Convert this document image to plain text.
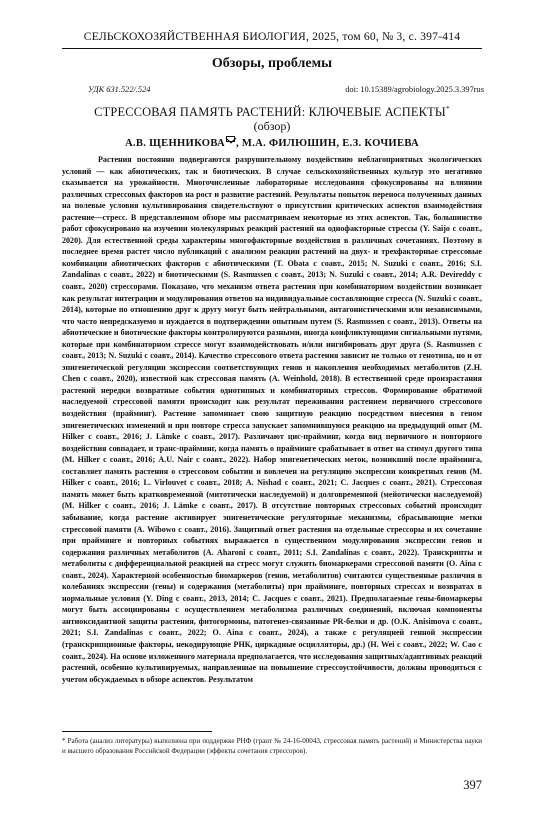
СЕЛЬСКОХОЗЯЙСТВЕННАЯ БИОЛОГИЯ, 2025, том 60, № 3, с. 397-414
Обзоры, проблемы
УДК 631.522/.524	doi: 10.15389/agrobiology.2025.3.397rus
СТРЕССОВАЯ ПАМЯТЬ РАСТЕНИЙ: КЛЮЧЕВЫЕ АСПЕКТЫ*
(обзор)
А.В. ЩЕННИКОВА , М.А. ФИЛЮШИН, Е.З. КОЧИЕВА

Растения постоянно подвергаются разрушительному воздействию неблагоприятных экологических условий — как абиотических, так и биотических. В случае сельскохозяйственных культур это негативно сказывается на урожайности. Многочисленные лабораторные исследования сфокусированы на влиянии различных стрессовых факторов на рост и развитие растений. Результаты попыток переноса полученных данных на полевые условия культивирования свидетельствуют о присутствии критических аспектов взаимодействия растение—стресс. В представленном обзоре мы рассматриваем некоторые из этих аспектов. Так, большинство работ сфокусировано на изучении молекулярных реакций растений на однофакторные стрессы (Y. Saijo с соавт., 2020). Для естественной среды характерны многофакторные воздействия в различных сочетаниях. Поэтому в последнее время растет число публикаций с анализом реакции растений на двух- и трехфакторные стрессовые комбинации абиотических факторов с абиотическими (T. Obata с соавт., 2015; N. Suzuki с соавт., 2016; S.I. Zandalinas с соавт., 2022) и биотическими (S. Rasmussen с соавт., 2013; N. Suzuki с соавт., 2014; A.R. Devireddy с соавт., 2020) стрессорами. Показано, что механизм ответа растения при комбинаторном воздействии возникает как результат интеграции и модулирования ответов на индивидуальные составляющие стресса (N. Suzuki с соавт., 2014), которые по отношению друг к другу могут быть нейтральными, антагонистическими или независимыми, что часто непредсказуемо и нуждается в подтверждении опытным путем (S. Rasmussen с соавт., 2013). Ответы на абиотические и биотические факторы контролируются разными, иногда конфликтующими сигнальными путями, которые при комбинаторном стрессе могут взаимодействовать и/или ингибировать друг друга (S. Rasmussen с соавт., 2013; N. Suzuki с соавт., 2014). Качество стрессового ответа растения зависит не только от генотипа, но и от эпигенетической регуляции экспрессии соответствующих генов и накопления необходимых метаболитов (Z.H. Chen с соавт., 2020), известной как стрессовая память (A. Weinhold, 2018). В естественной среде произрастания растений нередки возвратные события однотипных и комбинаторных стрессов. Формирование обратимой наследуемой стрессовой памяти происходит как результат переживания растением первичного стрессового воздействия (прайминг). Растение запоминает свою защитную реакцию посредством внесения в геном эпигенетических изменений и при повторе стресса запускает запомнившуюся реакцию на предыдущий опыт (M. Hilker с соавт., 2016; J. Lämke с соавт., 2017). Различают цис-прайминг, когда вид первичного и повторного воздействия совпадает, и транс-прайминг, когда память о прайминге срабатывает в ответ на стимул другого типа (M. Hilker с соавт., 2016; A.U. Nair с соавт., 2022). Набор эпигенетических меток, возникший после прайминга, составляет память растения о стрессовом событии и вовлечен на регуляцию экспрессии конкретных генов (M. Hilker с соавт., 2016; L. Virlouvet с соавт., 2018; A. Nishad с соавт., 2021; C. Jacques с соавт., 2021). Стрессовая память может быть кратковременной (митотически наследуемой) и долговременной (мейотически наследуемой) (M. Hilker с соавт., 2016; J. Lämke с соавт., 2017). В отсутствие повторных стрессовых событий происходит забывание, когда растение активирует эпигенетические регуляторные механизмы, сбрасывающие метки стрессовой памяти (A. Wibowo с соавт., 2016). Защитный ответ растения на отдельные стрессоры и их сочетание при прайминге и повторных событиях выражается в существенном модулировании экспрессии генов и содержания различных метаболитов (A. Aharoni с соавт., 2011; S.I. Zandalinas с соавт., 2022). Транскрипты и метаболиты с дифференциальной реакцией на стресс могут служить биомаркерами стрессовой памяти (O. Aina с соавт., 2024). Характерной особенностью биомаркеров (генов, метаболитов) считаются существенные различия в колебаниях экспрессии (гены) и содержания (метаболиты) при прайминге, повторных стрессах и возвратах в нормальные условия (Y. Ding с соавт., 2013, 2014; C. Jacques с соавт., 2021). Предполагаемые гены-биомаркеры могут быть ассоциированы с осуществлением метаболизма различных соединений, включая компоненты антиоксидантной защиты растения, фитогормоны, патогенез-связанные PR-белки и др. (O.K. Anisimova с соавт., 2021; S.I. Zandalinas с соавт., 2022; O. Aina с соавт., 2024), а также с регуляцией генной экспрессии (транскрипционные факторы, некодирующие РНК, циркадные осцилляторы, др.) (H. Wei с соавт., 2022; W. Cao с соавт., 2024). На основе изложенного материала предполагается, что исследования защитных/адаптивных реакций растений, особенно культивируемых, направленные на повышение стрессоустойчивости, должны проводиться с учетом обсуждаемых в обзоре аспектов. Результатом

* Работа (анализ литературы) выполнена при поддержке РНФ (грант № 24-16-00043, стрессовая память растений) и Министерства науки и высшего образования Российской Федерации (эффекты сочетания стрессоров).

397
